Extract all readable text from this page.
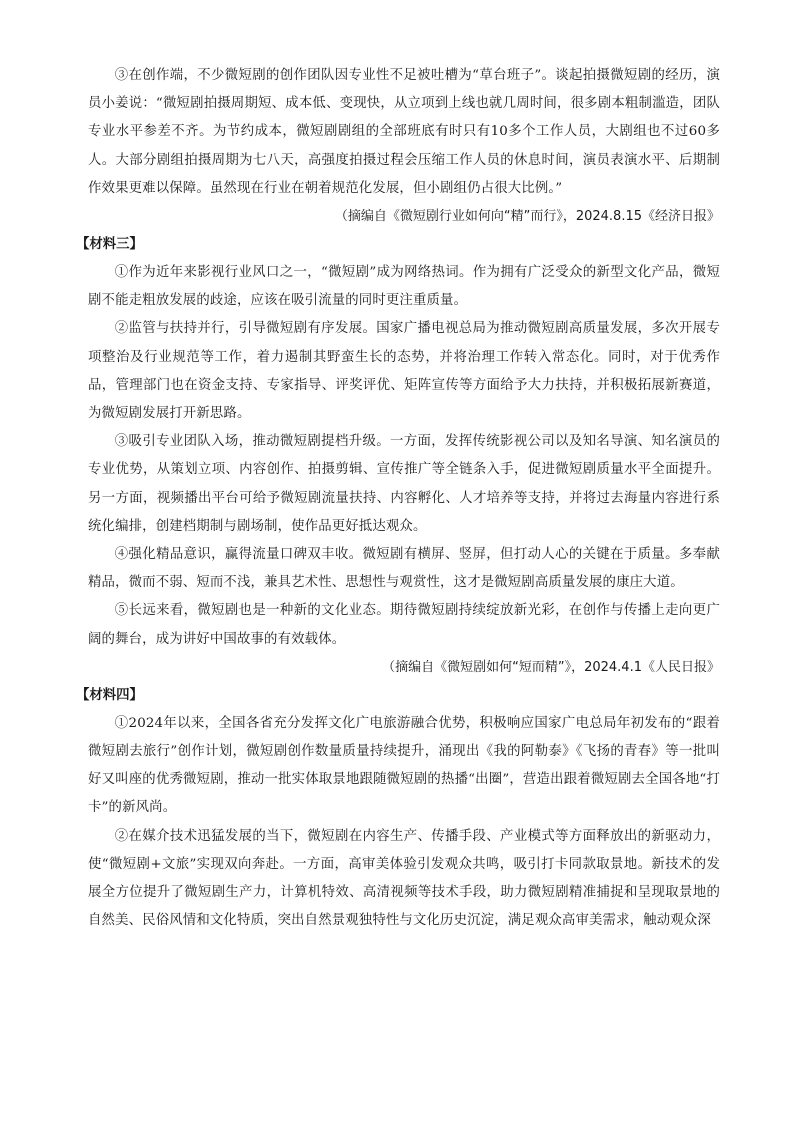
③在创作端，不少微短剧的创作团队因专业性不足被吐槽为“草台班子”。谈起拍摄微短剧的经历，演员小姜说：“微短剧拍摄周期短、成本低、变现快，从立项到上线也就几周时间，很多剧本粗制滥造，团队专业水平参差不齐。为节约成本，微短剧剧组的全部班底有时只有10多个工作人员，大剧组也不过60多人。大部分剧组拍摄周期为七八天，高强度拍摄过程会压缩工作人员的休息时间，演员表演水平、后期制作效果更难以保障。虽然现在行业在朝着规范化发展，但小剧组仍占很大比例。”

（摘编自《微短剧行业如何向“精”而行》，2024.8.15《经济日报》

【材料三】

①作为近年来影视行业风口之一，“微短剧”成为网络热词。作为拥有广泛受众的新型文化产品，微短剧不能走粗放发展的歧途，应该在吸引流量的同时更注重质量。

②监管与扶持并行，引导微短剧有序发展。国家广播电视总局为推动微短剧高质量发展，多次开展专项整治及行业规范等工作，着力遏制其野蛮生长的态势，并将治理工作转入常态化。同时，对于优秀作品，管理部门也在资金支持、专家指导、评奖评优、矩阵宣传等方面给予大力扶持，并积极拓展新赛道，为微短剧发展打开新思路。

③吸引专业团队入场，推动微短剧提档升级。一方面，发挥传统影视公司以及知名导演、知名演员的专业优势，从策划立项、内容创作、拍摄剪辑、宣传推广等全链条入手，促进微短剧质量水平全面提升。另一方面，视频播出平台可给予微短剧流量扶持、内容孵化、人才培养等支持，并将过去海量内容进行系统化编排，创建档期制与剧场制，使作品更好抵达观众。

④强化精品意识，赢得流量口碑双丰收。微短剧有横屏、竖屏，但打动人心的关键在于质量。多奉献精品，微而不弱、短而不浅，兼具艺术性、思想性与观赏性，这才是微短剧高质量发展的康庄大道。

⑤长远来看，微短剧也是一种新的文化业态。期待微短剧持续绽放新光彩，在创作与传播上走向更广阔的舞台，成为讲好中国故事的有效载体。

（摘编自《微短剧如何“短而精”》，2024.4.1《人民日报》

【材料四】

①2024年以来，全国各省充分发挥文化广电旅游融合优势，积极响应国家广电总局年初发布的“跟着微短剧去旅行”创作计划，微短剧创作数量质量持续提升，涌现出《我的阿勒泰》《飞扬的青春》等一批叫好又叫座的优秀微短剧，推动一批实体取景地跟随微短剧的热播“出圈”，营造出跟着微短剧去全国各地“打卡”的新风尚。

②在媒介技术迅猛发展的当下，微短剧在内容生产、传播手段、产业模式等方面释放出的新驱动力，使“微短剧+文旅”实现双向奔赴。一方面，高审美体验引发观众共鸣，吸引打卡同款取景地。新技术的发展全方位提升了微短剧生产力，计算机特效、高清视频等技术手段，助力微短剧精准捕捉和呈现取景地的自然美、民俗风情和文化特质，突出自然景观独特性与文化历史沉淀，满足观众高审美需求，触动观众深
